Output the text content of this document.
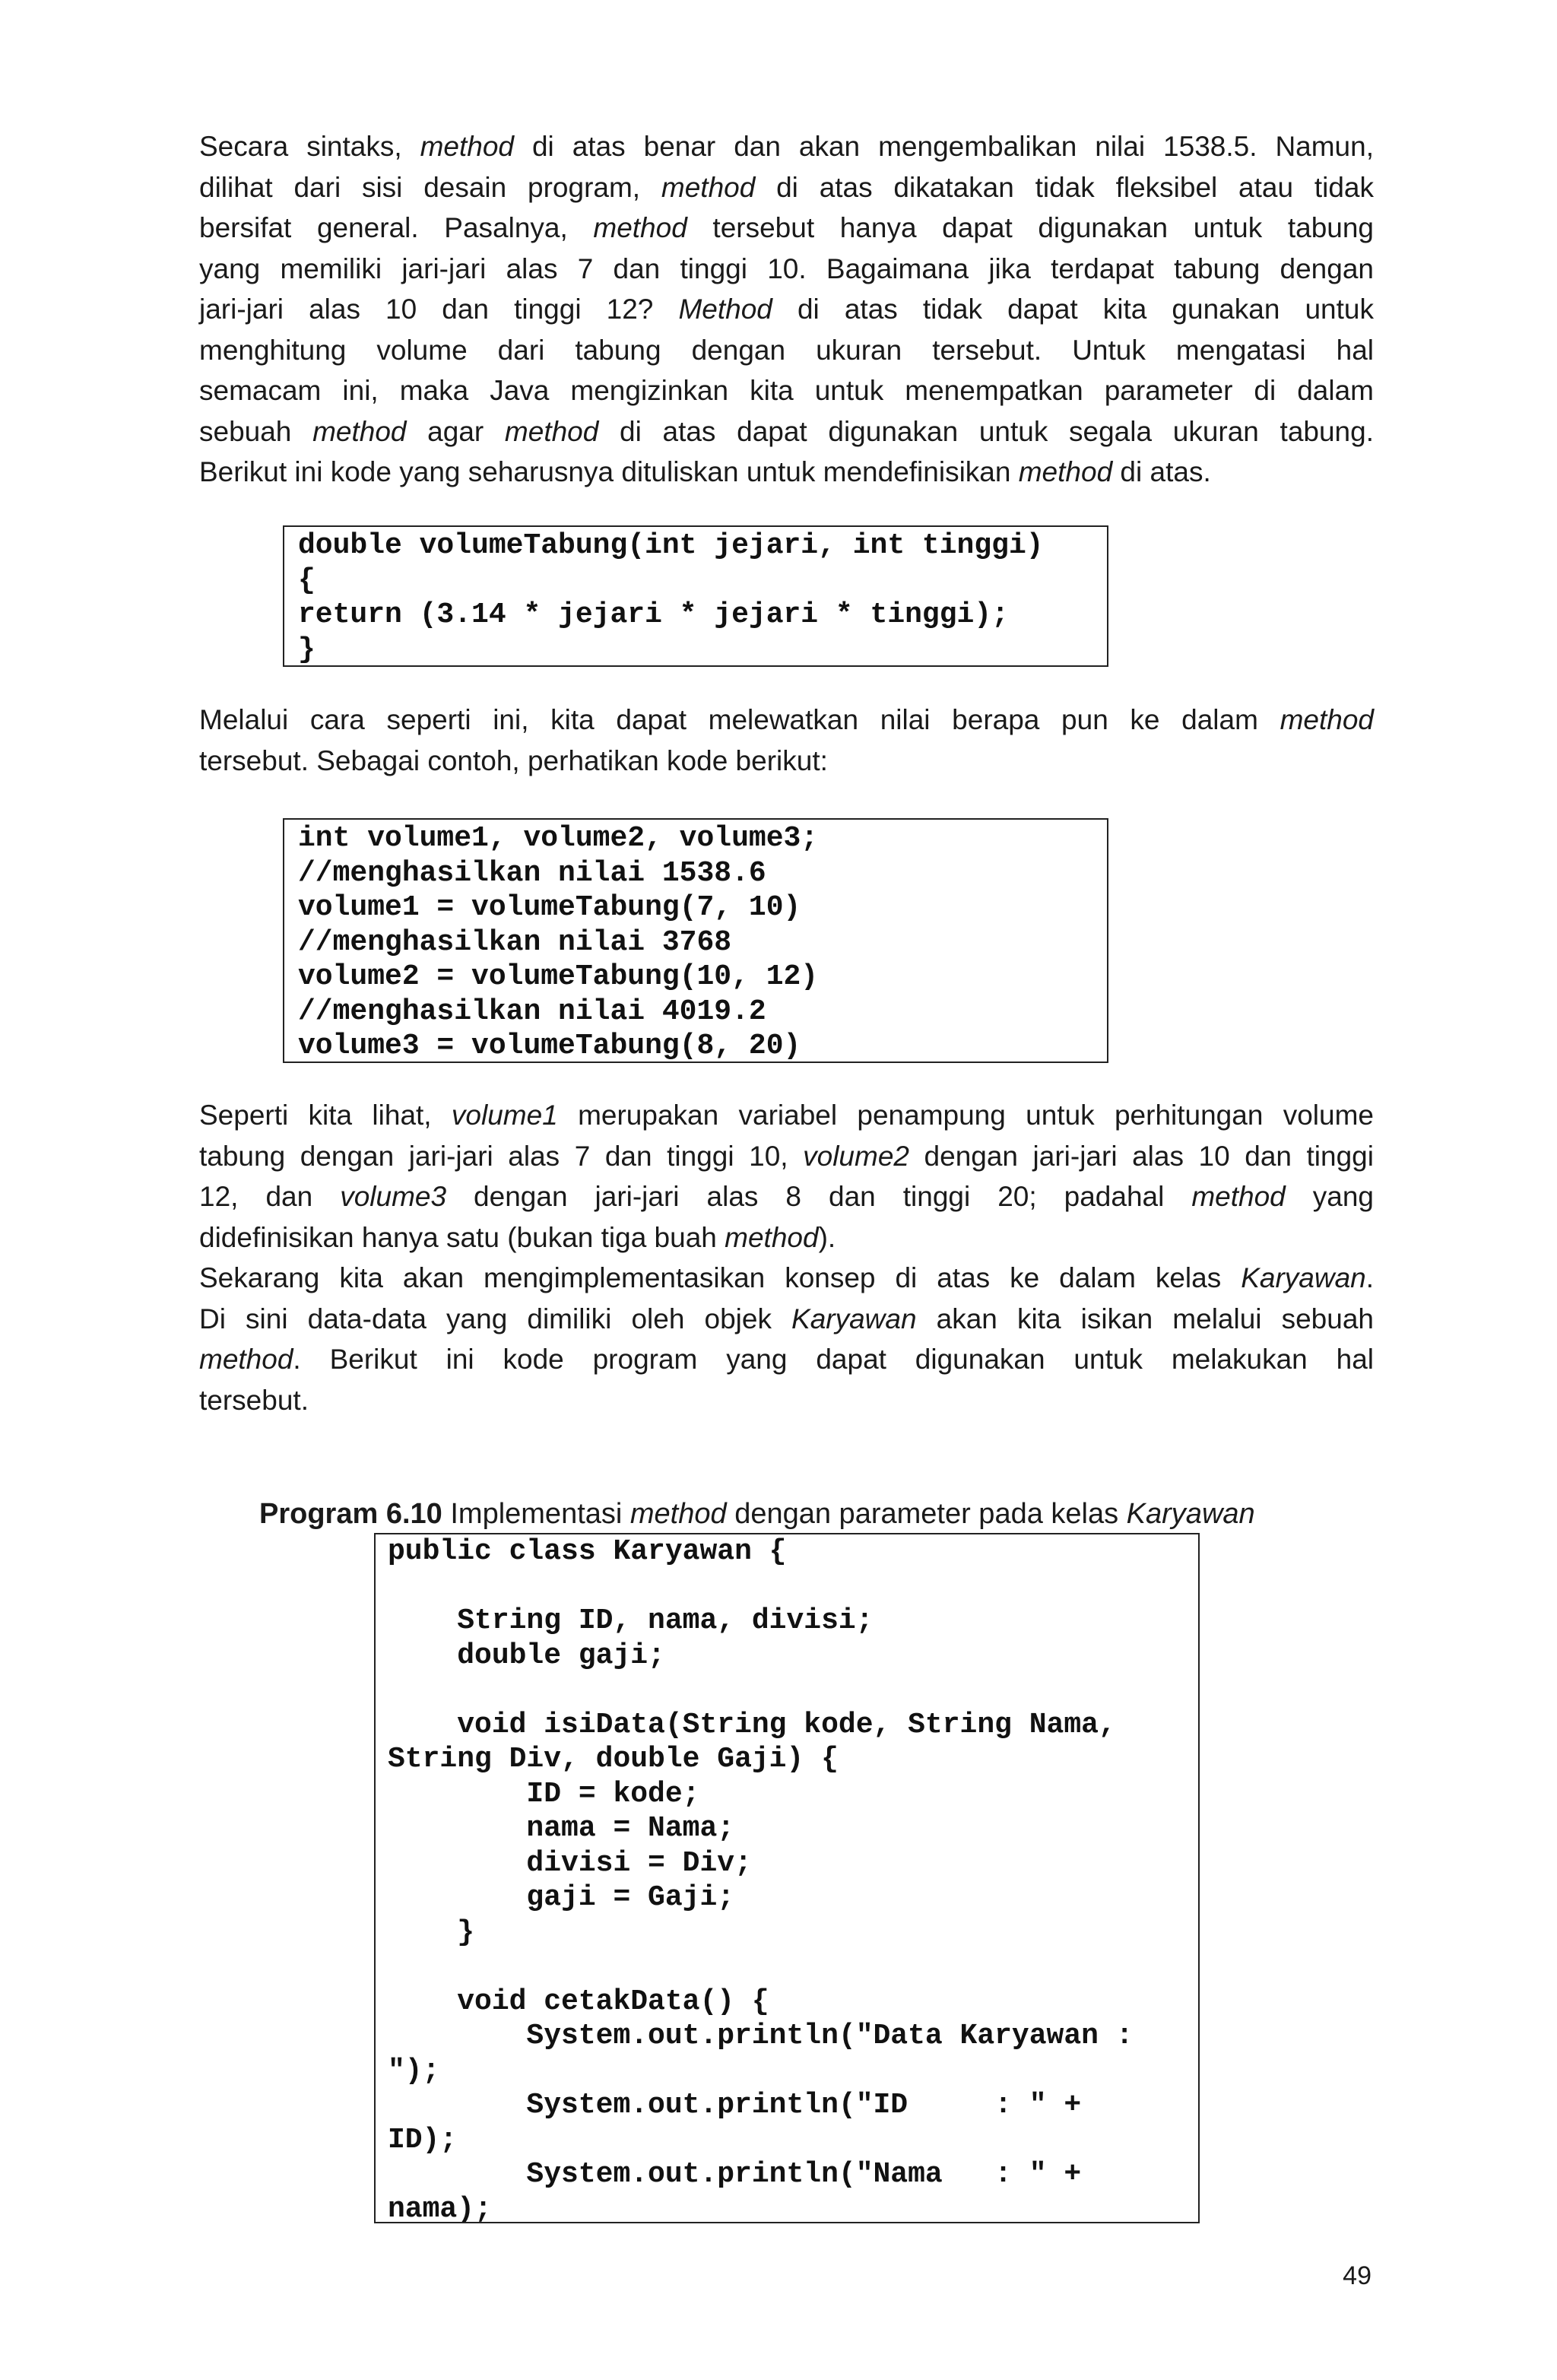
Secara sintaks, method di atas benar dan akan mengembalikan nilai 1538.5. Namun,
dilihat dari sisi desain program, method di atas dikatakan tidak fleksibel atau tidak
bersifat general. Pasalnya, method tersebut hanya dapat digunakan untuk tabung
yang memiliki jari-jari alas 7 dan tinggi 10. Bagaimana jika terdapat tabung dengan
jari-jari alas 10 dan tinggi 12? Method di atas tidak dapat kita gunakan untuk
menghitung volume dari tabung dengan ukuran tersebut. Untuk mengatasi hal
semacam ini, maka Java mengizinkan kita untuk menempatkan parameter di dalam
sebuah method agar method di atas dapat digunakan untuk segala ukuran tabung.
Berikut ini kode yang seharusnya dituliskan untuk mendefinisikan method di atas.
double volumeTabung(int jejari, int tinggi)
{
return (3.14 * jejari * jejari * tinggi);
}
Melalui cara seperti ini, kita dapat melewatkan nilai berapa pun ke dalam method
tersebut. Sebagai contoh, perhatikan kode berikut:
int volume1, volume2, volume3;
//menghasilkan nilai 1538.6
volume1 = volumeTabung(7, 10)
//menghasilkan nilai 3768
volume2 = volumeTabung(10, 12)
//menghasilkan nilai 4019.2
volume3 = volumeTabung(8, 20)
Seperti kita lihat, volume1 merupakan variabel penampung untuk perhitungan volume
tabung dengan jari-jari alas 7 dan tinggi 10, volume2 dengan jari-jari alas 10 dan tinggi
12, dan volume3 dengan jari-jari alas 8 dan tinggi 20; padahal method yang
didefinisikan hanya satu (bukan tiga buah method).
Sekarang kita akan mengimplementasikan konsep di atas ke dalam kelas Karyawan.
Di sini data-data yang dimiliki oleh objek Karyawan akan kita isikan melalui sebuah
method. Berikut ini kode program yang dapat digunakan untuk melakukan hal
tersebut.
Program 6.10 Implementasi method dengan parameter pada kelas Karyawan
public class Karyawan {
String ID, nama, divisi;
double gaji;
void isiData(String kode, String Nama,
String Div, double Gaji) {
ID = kode;
nama = Nama;
divisi = Div;
gaji = Gaji;
}
void cetakData() {
System.out.println("Data Karyawan :
");
System.out.println("ID     : " +
ID);
System.out.println("Nama   : " +
nama);
49
